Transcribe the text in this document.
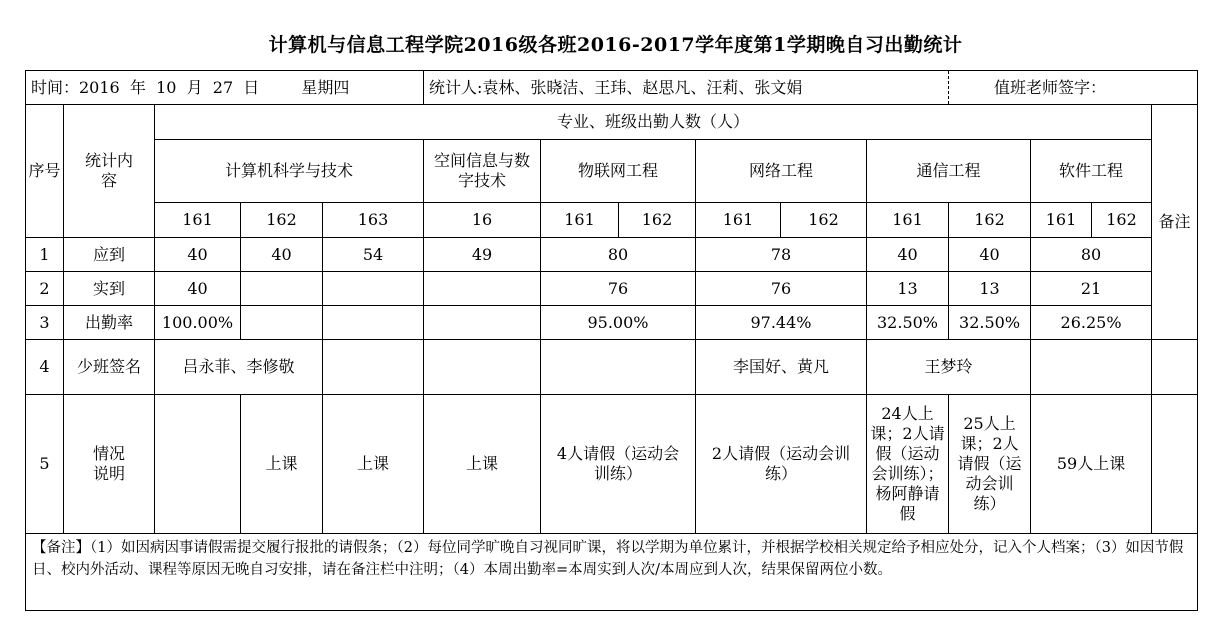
计算机与信息工程学院2016级各班2016-2017学年度第1学期晚自习出勤统计
时间：2016  年  10  月  27  日 星期四					统计人:袁林、张晓洁、王玮、赵思凡、汪莉、张文娟						值班老师签字：			
序号	统计内容	专业、班级出勤人数（人）												备注
		计算机科学与技术			空间信息与数字技术	物联网工程		网络工程		通信工程		软件工程		
		161	162	163	16	161	162	161	162	161	162	161	162	
1	应到	40	40	54	49	80		78		40	40	80		
2	实到	40				76		76		13	13	21		
3	出勤率	100.00%				95.00%		97.44%		32.50%	32.50%	26.25%		
4	少班签名	吕永菲、李修敬						李国好、黄凡		王梦玲				
5	情况说明		上课	上课	上课	4人请假（运动会训练）		2人请假（运动会训练）		24人上课；2人请假（运动会训练）；杨阿静请假	25人上课；2人请假（运动会训练）	59人上课		
【备注】（1）如因病因事请假需提交履行报批的请假条；（2）每位同学旷晚自习视同旷课，将以学期为单位累计，并根据学校相关规定给予相应处分，记入个人档案；（3）如因节假日、校内外活动、课程等原因无晚自习安排，请在备注栏中注明；（4）本周出勤率=本周实到人次/本周应到人次，结果保留两位小数。														
